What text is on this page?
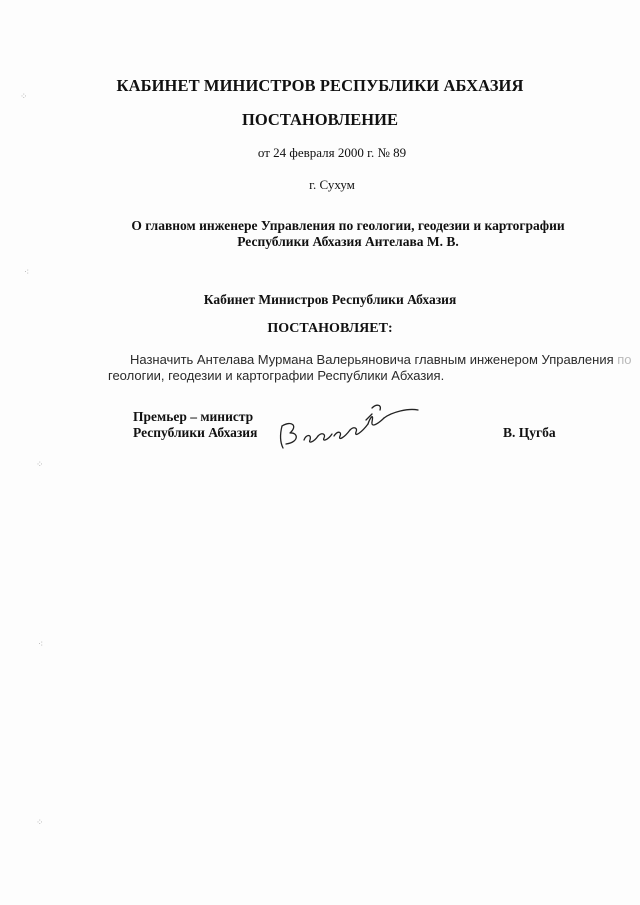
КАБИНЕТ МИНИСТРОВ РЕСПУБЛИКИ АБХАЗИЯ
ПОСТАНОВЛЕНИЕ
от 24 февраля 2000 г. № 89
г. Сухум
О главном инженере Управления по геологии, геодезии и картографии
Республики Абхазия Антелава М. В.
Кабинет Министров Республики Абхазия
ПОСТАНОВЛЯЕТ:
Назначить Антелава Мурмана Валерьяновича главным инженером Управления по
геологии, геодезии и картографии Республики Абхазия.
Премьер – министр
Республики Абхазия	В. Цугба
⁘
⁖
⁘
⁖
⁘
